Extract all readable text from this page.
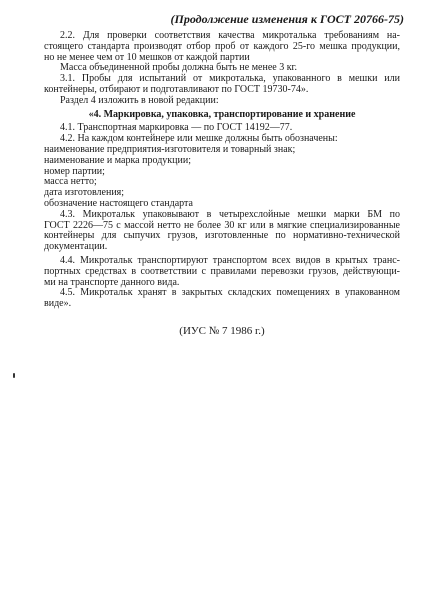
(Продолжение изменения к ГОСТ 20766-75)
2.2. Для проверки соответствия качества микроталька требованиям на-
стоящего стандарта производят отбор проб от каждого 25-го мешка продукции,
но не менее чем от 10 мешков от каждой партии
Масса объединенной пробы должна быть не менее 3 кг.
3.1. Пробы для испытаний от микроталька, упакованного в мешки или
контейнеры, отбирают и подготавливают по ГОСТ 19730-74».
Раздел 4 изложить в новой редакции:
«4. Маркировка, упаковка, транспортирование и хранение
4.1. Транспортная маркировка — по ГОСТ 14192—77.
4.2. На каждом контейнере или мешке должны быть обозначены:
наименование предприятия-изготовителя и товарный знак;
наименование и марка продукции;
номер партии;
масса нетто;
дата изготовления;
обозначение настоящего стандарта
4.3. Микротальк упаковывают в четырехслойные мешки марки БМ по
ГОСТ 2226—75 с массой нетто не более 30 кг или в мягкие специализированные
контейнеры для сыпучих грузов, изготовленные по нормативно-технической
документации.
4.4. Микротальк транспортируют транспортом всех видов в крытых транс-
портных средствах в соответствии с правилами перевозки грузов, действующи-
ми на транспорте данного вида.
4.5. Микротальк хранят в закрытых складских помещениях в упакованном
виде».
(ИУС № 7 1986 г.)
